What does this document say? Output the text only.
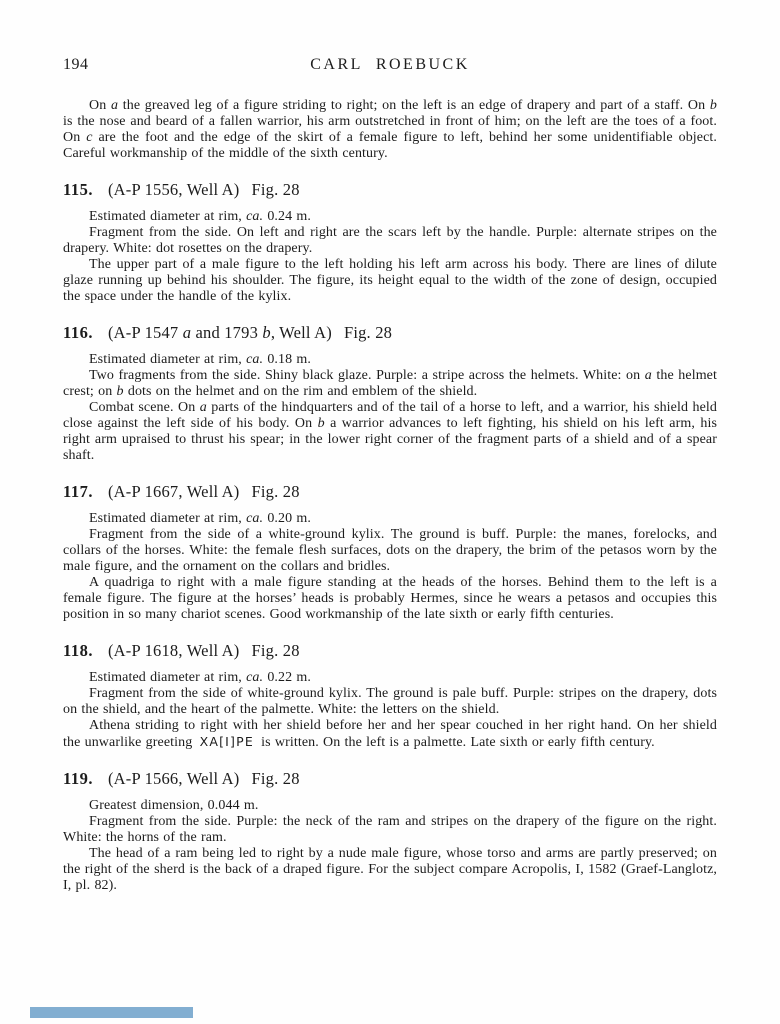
194	CARL ROEBUCK

On a the greaved leg of a figure striding to right; on the left is an edge of drapery and part of a staff. On b is the nose and beard of a fallen warrior, his arm outstretched in front of him; on the left are the toes of a foot. On c are the foot and the edge of the skirt of a female figure to left, behind her some unidentifiable object. Careful workmanship of the middle of the sixth century.

115. (A-P 1556, Well A) Fig. 28

Estimated diameter at rim, ca. 0.24 m.

Fragment from the side. On left and right are the scars left by the handle. Purple: alternate stripes on the drapery. White: dot rosettes on the drapery.

The upper part of a male figure to the left holding his left arm across his body. There are lines of dilute glaze running up behind his shoulder. The figure, its height equal to the width of the zone of design, occupied the space under the handle of the kylix.

116. (A-P 1547 a and 1793 b, Well A) Fig. 28

Estimated diameter at rim, ca. 0.18 m.

Two fragments from the side. Shiny black glaze. Purple: a stripe across the helmets. White: on a the helmet crest; on b dots on the helmet and on the rim and emblem of the shield.

Combat scene. On a parts of the hindquarters and of the tail of a horse to left, and a warrior, his shield held close against the left side of his body. On b a warrior advances to left fighting, his shield on his left arm, his right arm upraised to thrust his spear; in the lower right corner of the fragment parts of a shield and of a spear shaft.

117. (A-P 1667, Well A) Fig. 28

Estimated diameter at rim, ca. 0.20 m.

Fragment from the side of a white-ground kylix. The ground is buff. Purple: the manes, forelocks, and collars of the horses. White: the female flesh surfaces, dots on the drapery, the brim of the petasos worn by the male figure, and the ornament on the collars and bridles.

A quadriga to right with a male figure standing at the heads of the horses. Behind them to the left is a female figure. The figure at the horses’ heads is probably Hermes, since he wears a petasos and occupies this position in so many chariot scenes. Good workmanship of the late sixth or early fifth centuries.

118. (A-P 1618, Well A) Fig. 28

Estimated diameter at rim, ca. 0.22 m.

Fragment from the side of white-ground kylix. The ground is pale buff. Purple: stripes on the drapery, dots on the shield, and the heart of the palmette. White: the letters on the shield.

Athena striding to right with her shield before her and her spear couched in her right hand. On her shield the unwarlike greeting XA[I]PE is written. On the left is a palmette. Late sixth or early fifth century.

119. (A-P 1566, Well A) Fig. 28

Greatest dimension, 0.044 m.

Fragment from the side. Purple: the neck of the ram and stripes on the drapery of the figure on the right. White: the horns of the ram.

The head of a ram being led to right by a nude male figure, whose torso and arms are partly preserved; on the right of the sherd is the back of a draped figure. For the subject compare Acropolis, I, 1582 (Graef-Langlotz, I, pl. 82).
